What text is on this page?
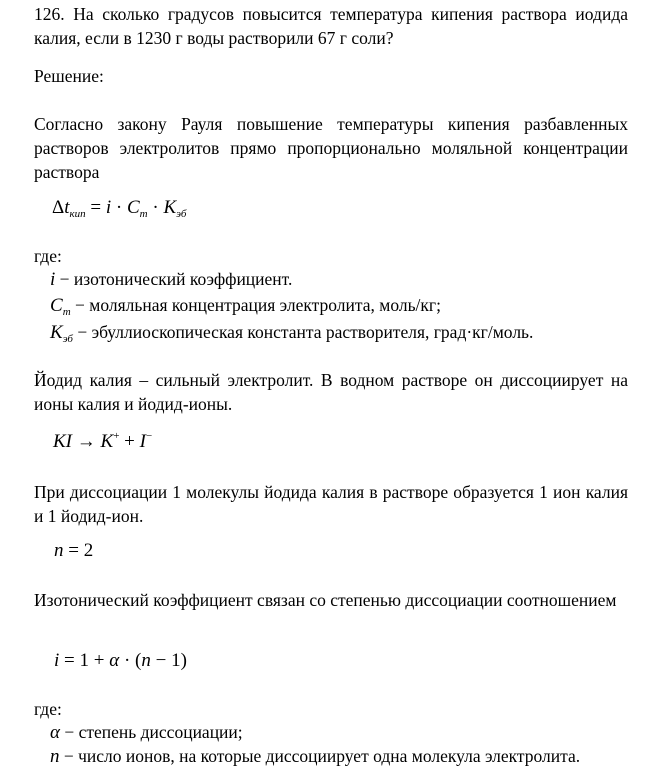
126. На сколько градусов повысится температура кипения раствора иодида калия, если в 1230 г воды растворили 67 г соли?
Решение:
Согласно закону Рауля повышение температуры кипения разбавленных растворов электролитов прямо пропорционально моляльной концентрации раствора
$\Delta t_{кип} = i \cdot C_m \cdot K_{эб}$
где:
i − изотонический коэффициент.
$C_m$ − моляльная концентрация электролита, моль/кг;
$K_{эб}$ − эбуллиоскопическая константа растворителя, град·кг/моль.
Йодид калия – сильный электролит. В водном растворе он диссоциирует на ионы калия и йодид-ионы.
KI → K+ + I−
При диссоциации 1 молекулы йодида калия в растворе образуется 1 ион калия и 1 йодид-ион.
n = 2
Изотонический коэффициент связан со степенью диссоциации соотношением
i = 1 + α · (n − 1)
где:
α − степень диссоциации;
n − число ионов, на которые диссоциирует одна молекула электролита.
